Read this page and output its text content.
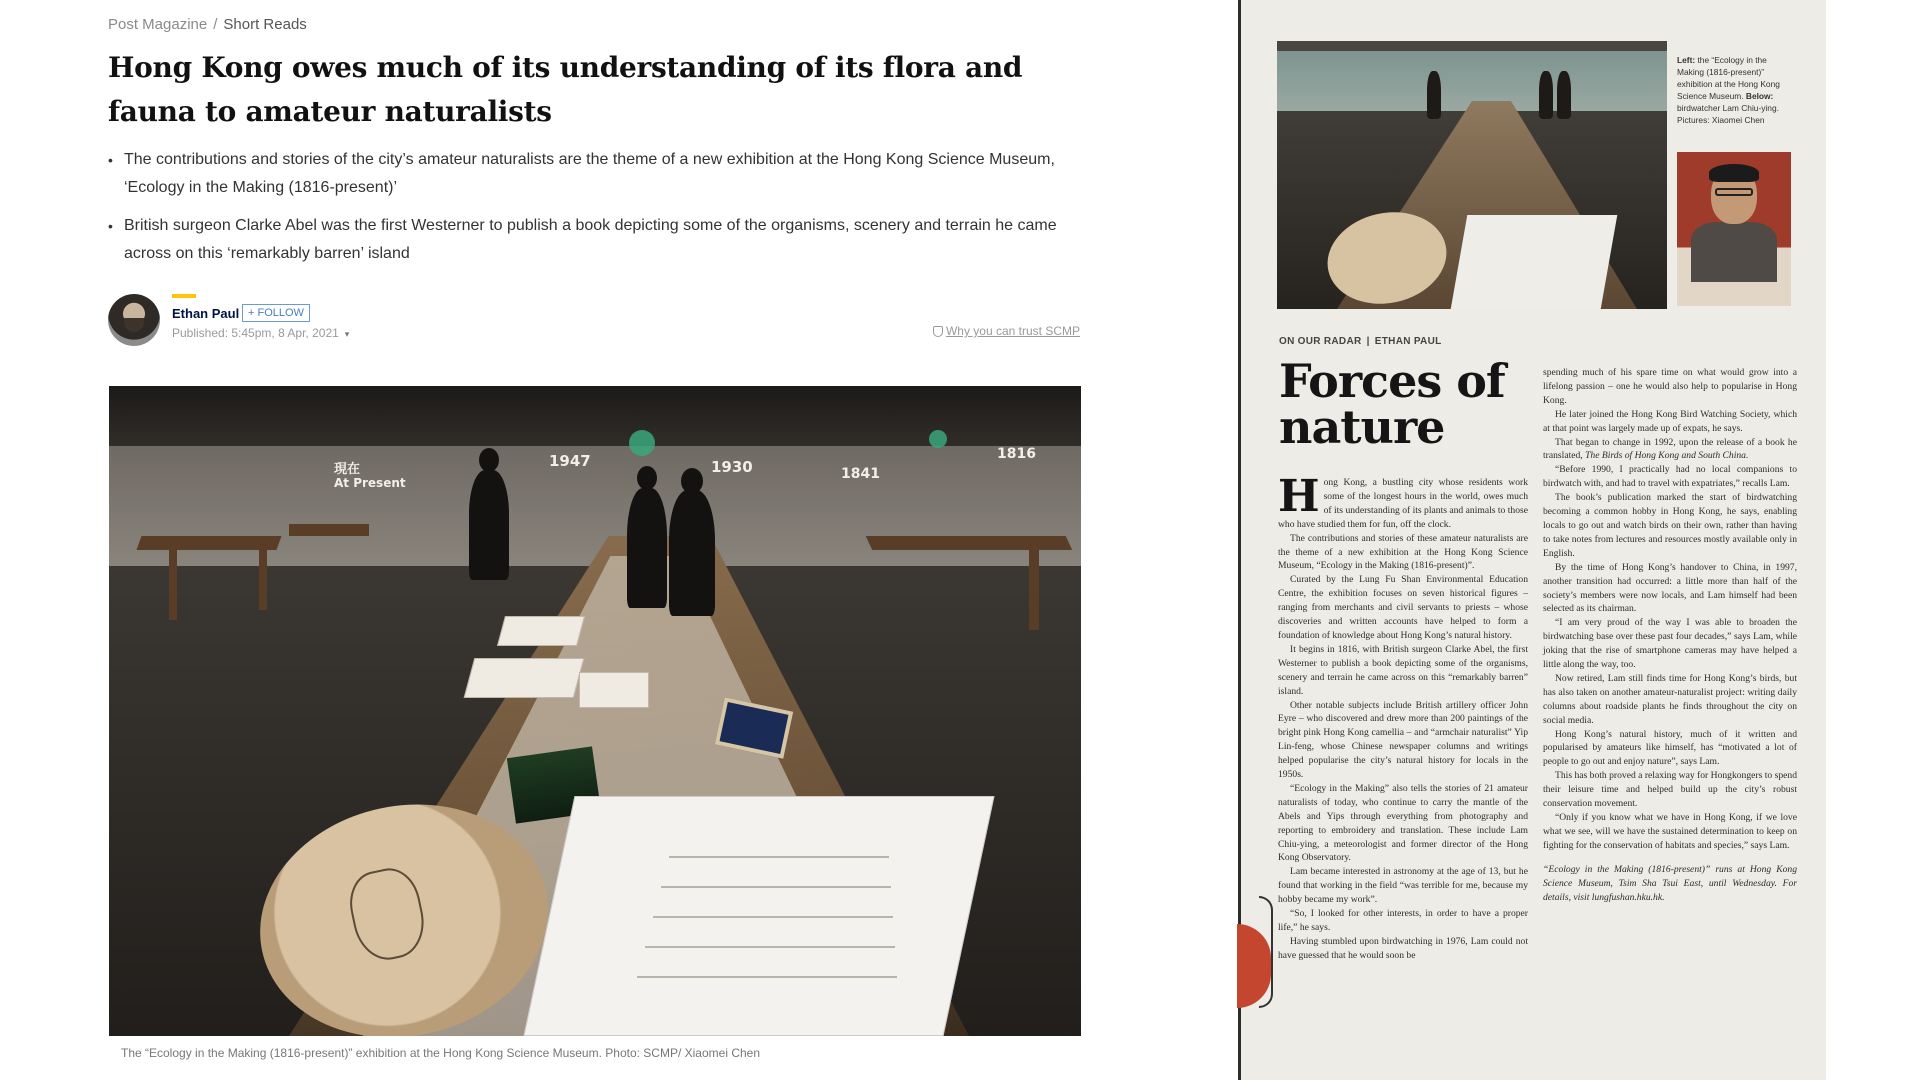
Post Magazine / Short Reads
Hong Kong owes much of its understanding of its flora and fauna to amateur naturalists
• The contributions and stories of the city’s amateur naturalists are the theme of a new exhibition at the Hong Kong Science Museum, ‘Ecology in the Making (1816-present)’
• British surgeon Clarke Abel was the first Westerner to publish a book depicting some of the organisms, scenery and terrain he came across on this ‘remarkably barren’ island
Ethan Paul + FOLLOW
Published: 5:45pm, 8 Apr, 2021 ▾	Why you can trust SCMP
現在
At Present
1947	1930	1841
1816
The “Ecology in the Making (1816-present)” exhibition at the Hong Kong Science Museum. Photo: SCMP/ Xiaomei Chen
Left: the “Ecology in the Making (1816-present)” exhibition at the Hong Kong Science Museum. Below: birdwatcher Lam Chiu-ying. Pictures: Xiaomei Chen
ON OUR RADAR | ETHAN PAUL
Forces of nature

Hong Kong, a bustling city whose residents work some of the longest hours in the world, owes much of its understanding of its plants and animals to those who have studied them for fun, off the clock.

The contributions and stories of these amateur naturalists are the theme of a new exhibition at the Hong Kong Science Museum, “Ecology in the Making (1816-present)”.

Curated by the Lung Fu Shan Environmental Education Centre, the exhibition focuses on seven historical figures – ranging from merchants and civil servants to priests – whose discoveries and written accounts have helped to form a foundation of knowledge about Hong Kong’s natural history.

It begins in 1816, with British surgeon Clarke Abel, the first Westerner to publish a book depicting some of the organisms, scenery and terrain he came across on this “remarkably barren” island.

Other notable subjects include British artillery officer John Eyre – who discovered and drew more than 200 paintings of the bright pink Hong Kong camellia – and “armchair naturalist” Yip Lin-feng, whose Chinese newspaper columns and writings helped popularise the city’s natural history for locals in the 1950s.

“Ecology in the Making” also tells the stories of 21 amateur naturalists of today, who continue to carry the mantle of the Abels and Yips through everything from photography and reporting to embroidery and translation. These include Lam Chiu-ying, a meteorologist and former director of the Hong Kong Observatory.

Lam became interested in astronomy at the age of 13, but he found that working in the field “was terrible for me, because my hobby became my work”.

“So, I looked for other interests, in order to have a proper life,” he says.

Having stumbled upon birdwatching in 1976, Lam could not have guessed that he would soon be

spending much of his spare time on what would grow into a lifelong passion – one he would also help to popularise in Hong Kong.

He later joined the Hong Kong Bird Watching Society, which at that point was largely made up of expats, he says.

That began to change in 1992, upon the release of a book he translated, The Birds of Hong Kong and South China.

“Before 1990, I practically had no local companions to birdwatch with, and had to travel with expatriates,” recalls Lam.

The book’s publication marked the start of birdwatching becoming a common hobby in Hong Kong, he says, enabling locals to go out and watch birds on their own, rather than having to take notes from lectures and resources mostly available only in English.

By the time of Hong Kong’s handover to China, in 1997, another transition had occurred: a little more than half of the society’s members were now locals, and Lam himself had been selected as its chairman.

“I am very proud of the way I was able to broaden the birdwatching base over these past four decades,” says Lam, while joking that the rise of smartphone cameras may have helped a little along the way, too.

Now retired, Lam still finds time for Hong Kong’s birds, but has also taken on another amateur-naturalist project: writing daily columns about roadside plants he finds throughout the city on social media.

Hong Kong’s natural history, much of it written and popularised by amateurs like himself, has “motivated a lot of people to go out and enjoy nature”, says Lam.

This has both proved a relaxing way for Hongkongers to spend their leisure time and helped build up the city’s robust conservation movement.

“Only if you know what we have in Hong Kong, if we love what we see, will we have the sustained determination to keep on fighting for the conservation of habitats and species,” says Lam.

“Ecology in the Making (1816-present)” runs at Hong Kong Science Museum, Tsim Sha Tsui East, until Wednesday. For details, visit lungfushan.hku.hk.
